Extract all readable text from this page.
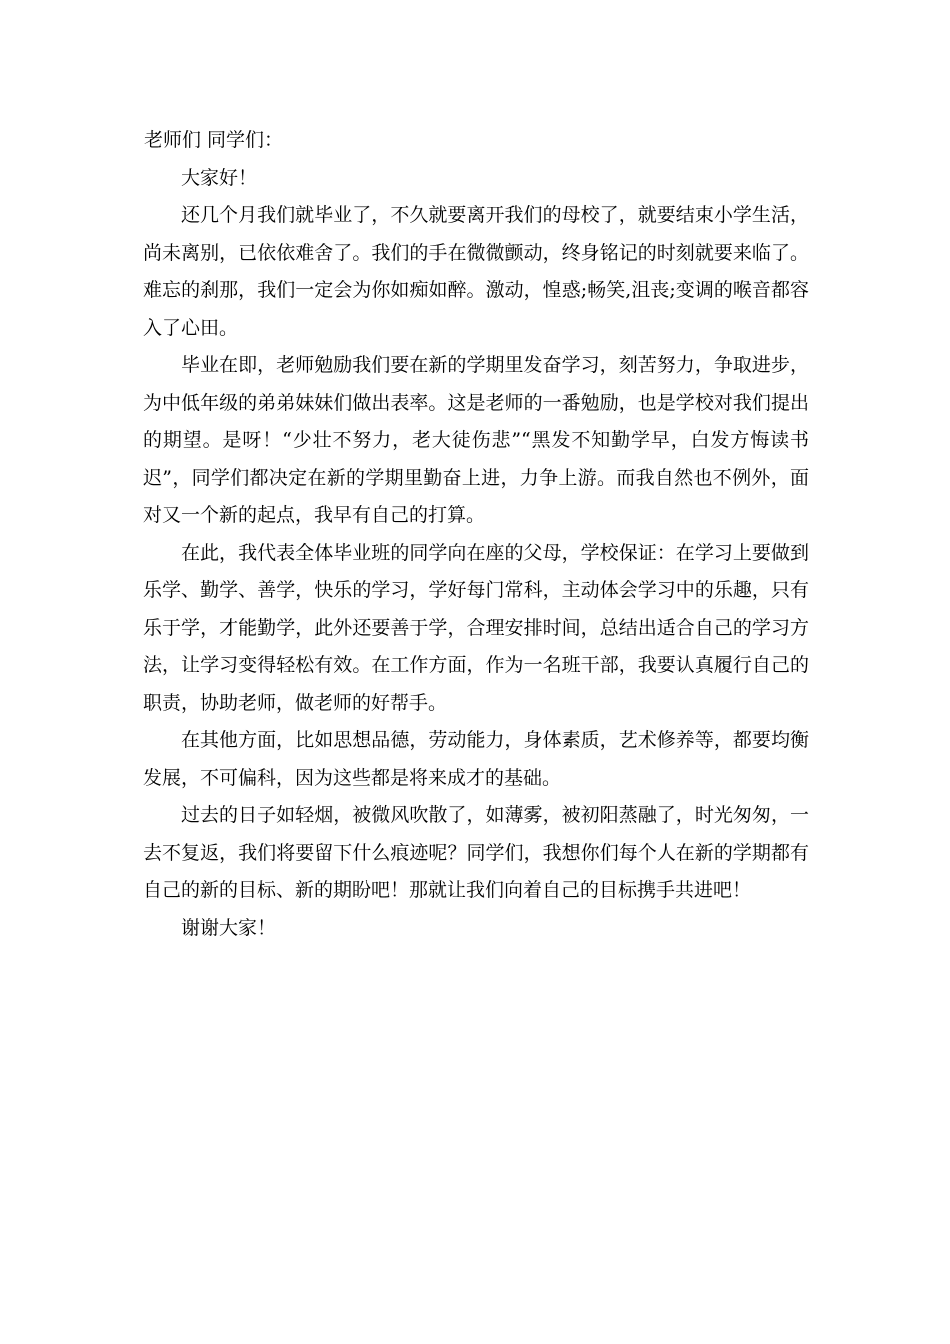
老师们 同学们：

大家好！

还几个月我们就毕业了，不久就要离开我们的母校了，就要结束小学生活，尚未离别，已依依难舍了。我们的手在微微颤动，终身铭记的时刻就要来临了。难忘的刹那，我们一定会为你如痴如醉。激动，惶惑;畅笑,沮丧;变调的喉音都容入了心田。

毕业在即，老师勉励我们要在新的学期里发奋学习，刻苦努力，争取进步，为中低年级的弟弟妹妹们做出表率。这是老师的一番勉励，也是学校对我们提出的期望。是呀！“少壮不努力，老大徒伤悲”“黑发不知勤学早，白发方悔读书迟”，同学们都决定在新的学期里勤奋上进，力争上游。而我自然也不例外，面对又一个新的起点，我早有自己的打算。

在此，我代表全体毕业班的同学向在座的父母，学校保证：在学习上要做到乐学、勤学、善学，快乐的学习，学好每门常科，主动体会学习中的乐趣，只有乐于学，才能勤学，此外还要善于学，合理安排时间，总结出适合自己的学习方法，让学习变得轻松有效。在工作方面，作为一名班干部，我要认真履行自己的职责，协助老师，做老师的好帮手。

在其他方面，比如思想品德，劳动能力，身体素质，艺术修养等，都要均衡发展，不可偏科，因为这些都是将来成才的基础。

过去的日子如轻烟，被微风吹散了，如薄雾，被初阳蒸融了，时光匆匆，一去不复返，我们将要留下什么痕迹呢？同学们，我想你们每个人在新的学期都有自己的新的目标、新的期盼吧！那就让我们向着自己的目标携手共进吧！

谢谢大家！
